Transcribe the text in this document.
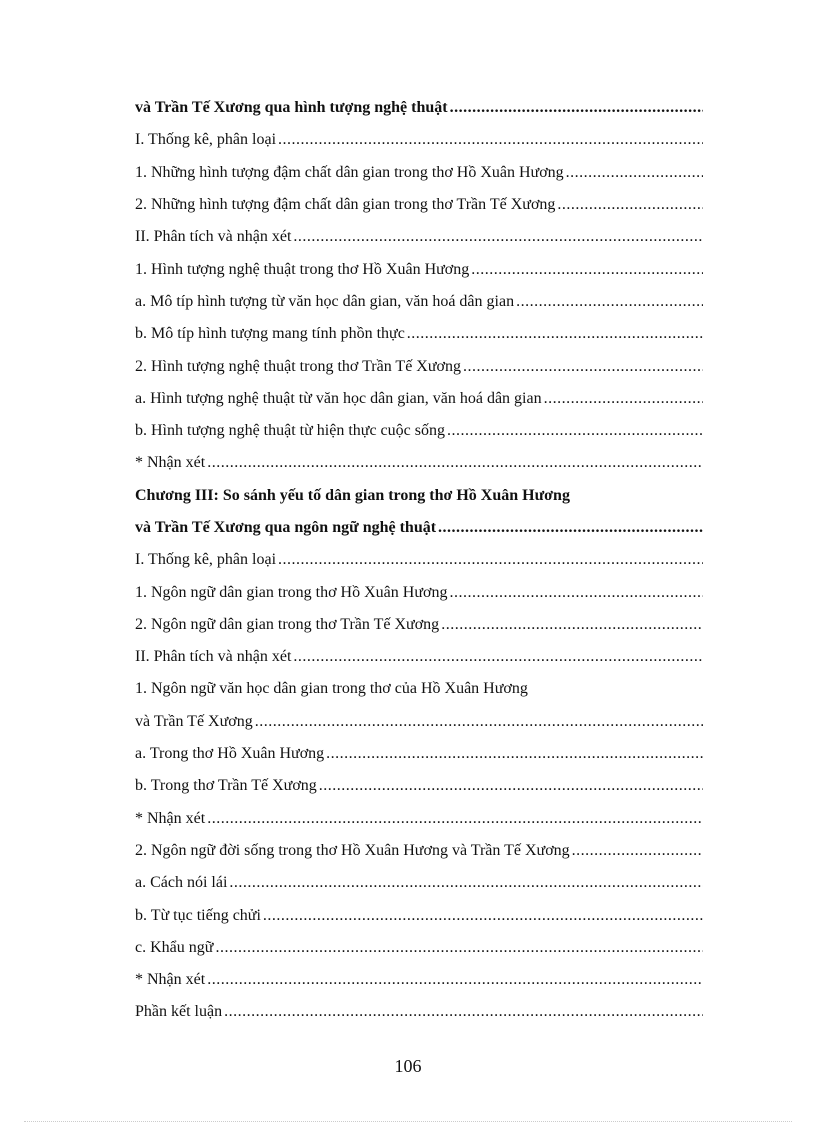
và Trần Tế Xương qua hình tượng nghệ thuật
.....
I. Thống kê, phân loại
.....
1. Những hình tượng đậm chất dân gian trong thơ Hồ Xuân Hương
.....
2. Những hình tượng đậm chất dân gian trong thơ Trần Tế Xương
.....
II. Phân tích và nhận xét
.....
1. Hình tượng nghệ thuật trong thơ Hồ Xuân Hương
.....
a. Mô típ hình tượng từ văn học dân gian, văn hoá dân gian
.....
b. Mô típ hình tượng mang tính phồn thực
.....
2. Hình tượng nghệ thuật trong thơ Trần Tế Xương
.....
a. Hình tượng nghệ thuật từ văn học dân gian, văn hoá dân gian
.....
b. Hình tượng nghệ thuật từ hiện thực cuộc sống
.....
* Nhận xét
.....
Chương III: So sánh yếu tố dân gian trong thơ Hồ Xuân Hương
và Trần Tế Xương qua ngôn ngữ nghệ thuật
.....
I. Thống kê, phân loại
.....
1. Ngôn ngữ dân gian trong thơ Hồ Xuân Hương
.....
2. Ngôn ngữ dân gian trong thơ Trần Tế Xương
.....
II. Phân tích và nhận xét
.....
1. Ngôn ngữ văn học dân gian trong thơ của Hồ Xuân Hương
và Trần Tế Xương
.....
a. Trong thơ Hồ Xuân Hương
.....
b. Trong thơ Trần Tế Xương
.....
* Nhận xét
.....
2. Ngôn ngữ đời sống trong thơ Hồ Xuân Hương và Trần Tế Xương
.....
a. Cách nói lái
.....
b. Từ tục tiếng chửi
.....
c. Khẩu ngữ
.....
* Nhận xét
.....
Phần kết luận
.....
106
